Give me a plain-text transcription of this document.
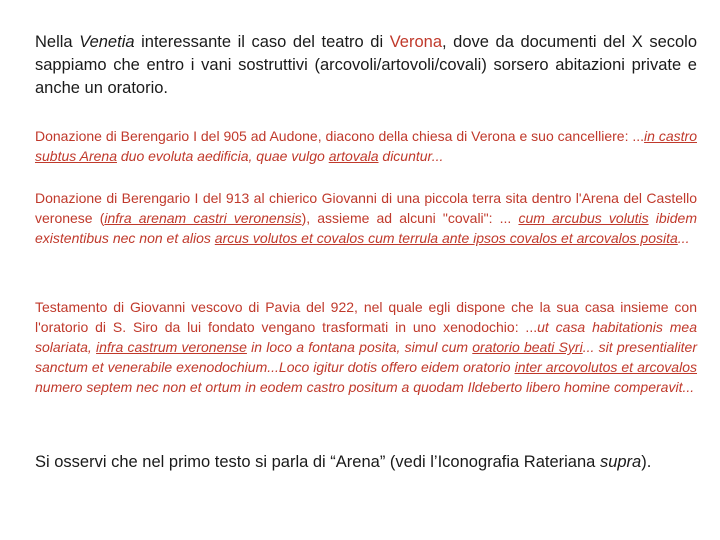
Nella Venetia interessante il caso del teatro di Verona, dove da documenti del X secolo sappiamo che entro i vani sostruttivi (arcovoli/artovoli/covali) sorsero abitazioni private e anche un oratorio.

Donazione di Berengario I del 905 ad Audone, diacono della chiesa di Verona e suo cancelliere: ...in castro subtus Arena duo evoluta aedificia, quae vulgo artovala dicuntur...

Donazione di Berengario I del 913 al chierico Giovanni di una piccola terra sita dentro l'Arena del Castello veronese (infra arenam castri veronensis), assieme ad alcuni "covali": ... cum arcubus volutis ibidem existentibus nec non et alios arcus volutos et covalos cum terrula ante ipsos covalos et arcovalos posita...

Testamento di Giovanni vescovo di Pavia del 922, nel quale egli dispone che la sua casa insieme con l'oratorio di S. Siro da lui fondato vengano trasformati in uno xenodochio: ...ut casa habitationis mea solariata, infra castrum veronense in loco a fontana posita, simul cum oratorio beati Syri... sit presentialiter sanctum et venerabile exenodochium...Loco igitur dotis offero eidem oratorio inter arcovolutos et arcovalos numero septem nec non et ortum in eodem castro positum a quodam Ildeberto libero homine comperavit...

Si osservi che nel primo testo si parla di “Arena” (vedi l’Iconografia Rateriana supra).
